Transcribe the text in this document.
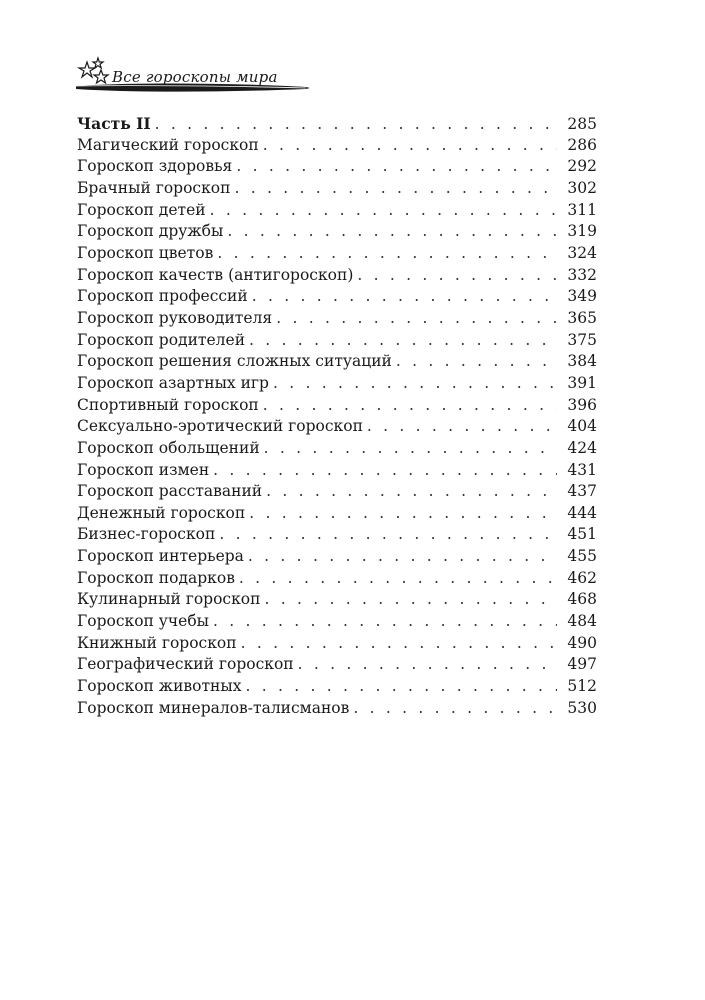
Все гороскопы мира
Часть II . . .	285
Магический гороскоп . . .	286
Гороскоп здоровья . . .	292
Брачный гороскоп . . .	302
Гороскоп детей . . .	311
Гороскоп дружбы . . .	319
Гороскоп цветов . . .	324
Гороскоп качеств (антигороскоп) . . .	332
Гороскоп профессий . . .	349
Гороскоп руководителя . . .	365
Гороскоп родителей . . .	375
Гороскоп решения сложных ситуаций . . .	384
Гороскоп азартных игр . . .	391
Спортивный гороскоп . . .	396
Сексуально-эротический гороскоп . . .	404
Гороскоп обольщений . . .	424
Гороскоп измен . . .	431
Гороскоп расставаний . . .	437
Денежный гороскоп . . .	444
Бизнес-гороскоп . . .	451
Гороскоп интерьера . . .	455
Гороскоп подарков . . .	462
Кулинарный гороскоп . . .	468
Гороскоп учебы . . .	484
Книжный гороскоп . . .	490
Географический гороскоп . . .	497
Гороскоп животных . . .	512
Гороскоп минералов-талисманов . . .	530
